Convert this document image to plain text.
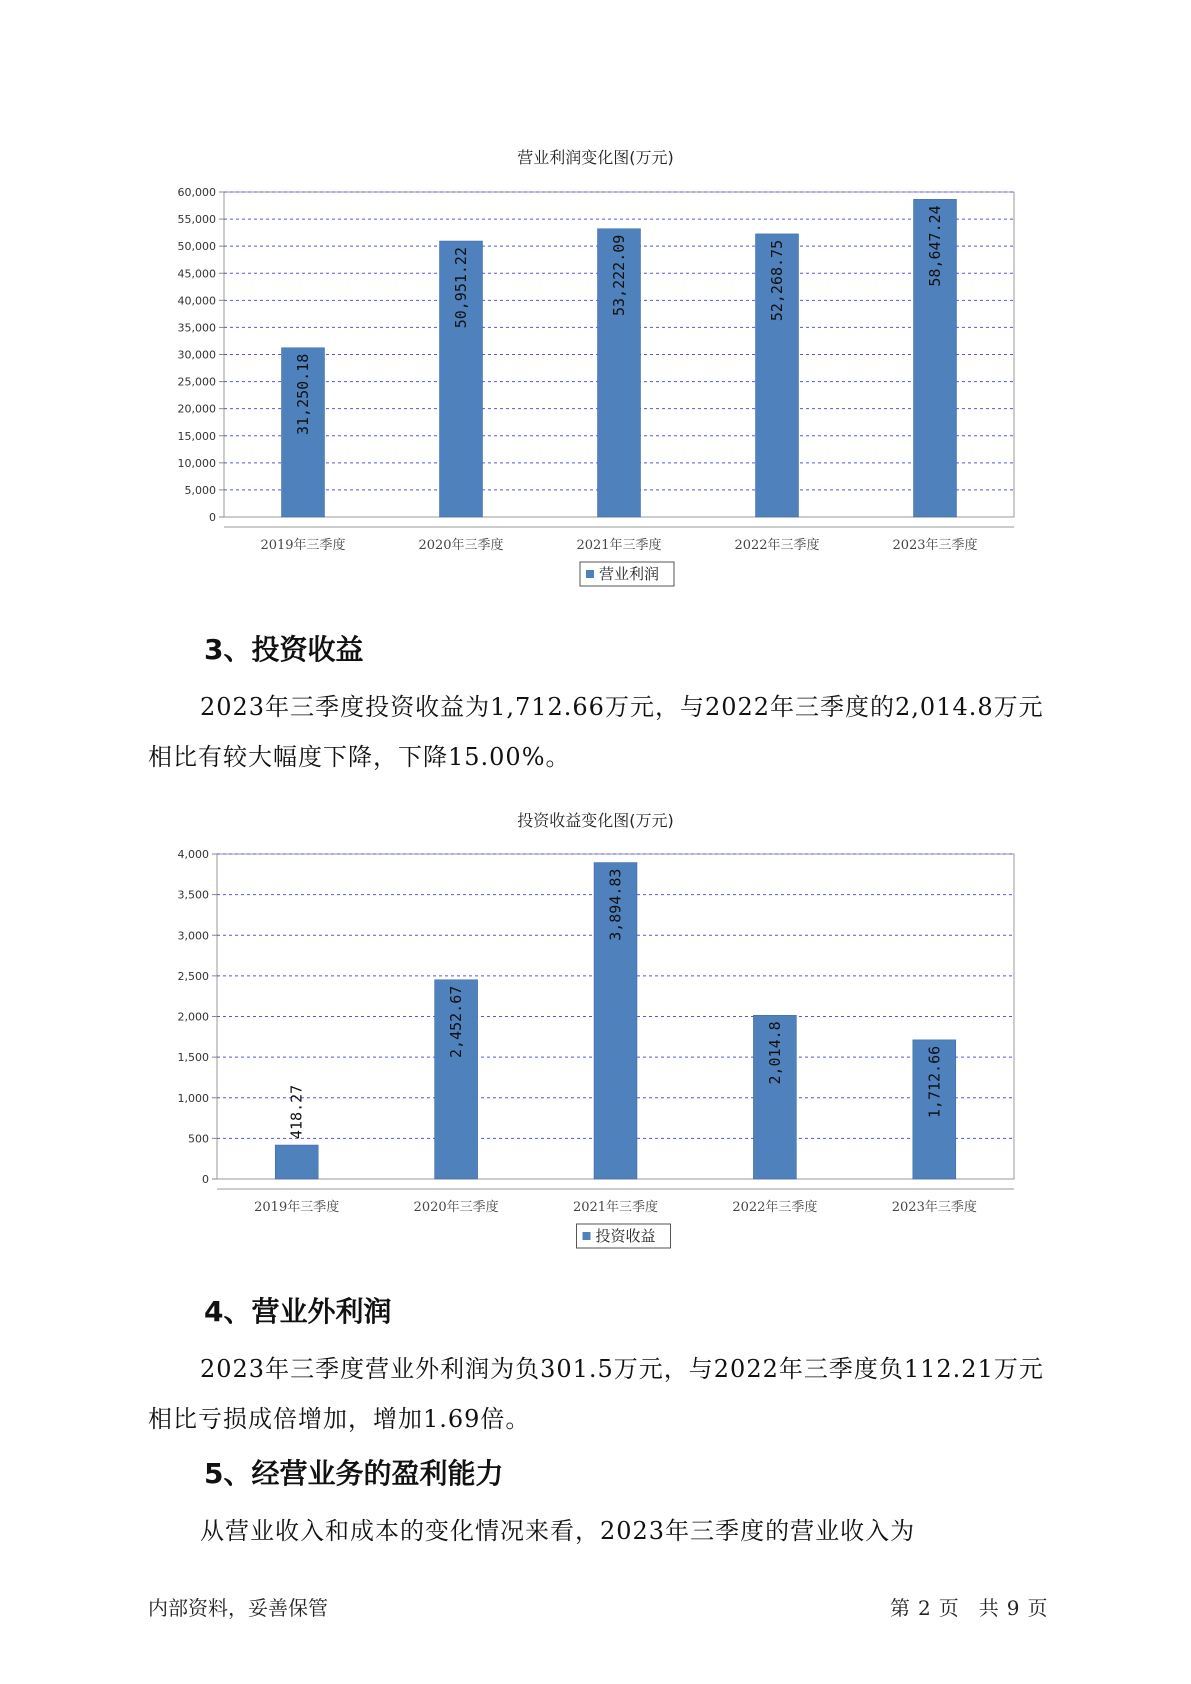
营业利润变化图(万元)
0
5,000
10,000
15,000
20,000
25,000
30,000
35,000
40,000
45,000
50,000
55,000
60,000
31,250.18
2019年三季度
50,951.22
2020年三季度
53,222.09
2021年三季度
52,268.75
2022年三季度
58,647.24
2023年三季度
营业利润
3、投资收益
2023年三季度投资收益为1,712.66万元，与2022年三季度的2,014.8万元相比有较大幅度下降，下降15.00%。
投资收益变化图(万元)
0
500
1,000
1,500
2,000
2,500
3,000
3,500
4,000
418.27
2019年三季度
2,452.67
2020年三季度
3,894.83
2021年三季度
2,014.8
2022年三季度
1,712.66
2023年三季度
投资收益
4、营业外利润
2023年三季度营业外利润为负301.5万元，与2022年三季度负112.21万元相比亏损成倍增加，增加1.69倍。
5、经营业务的盈利能力
从营业收入和成本的变化情况来看，2023年三季度的营业收入为
内部资料，妥善保管	第 2 页　共 9 页
